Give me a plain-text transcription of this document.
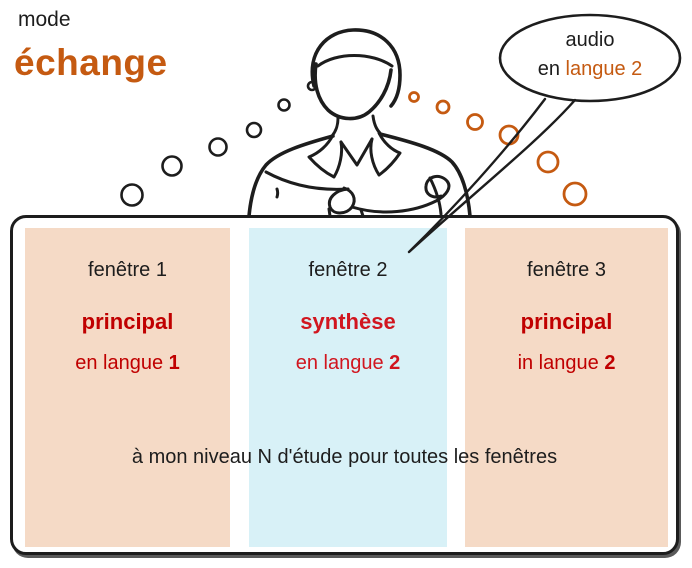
mode
échange
fenêtre 1
principal
en langue 1
fenêtre 2
synthèse
en langue 2
fenêtre 3
principal
in langue 2
à mon niveau N d'étude pour toutes les fenêtres
audio
en langue 2
